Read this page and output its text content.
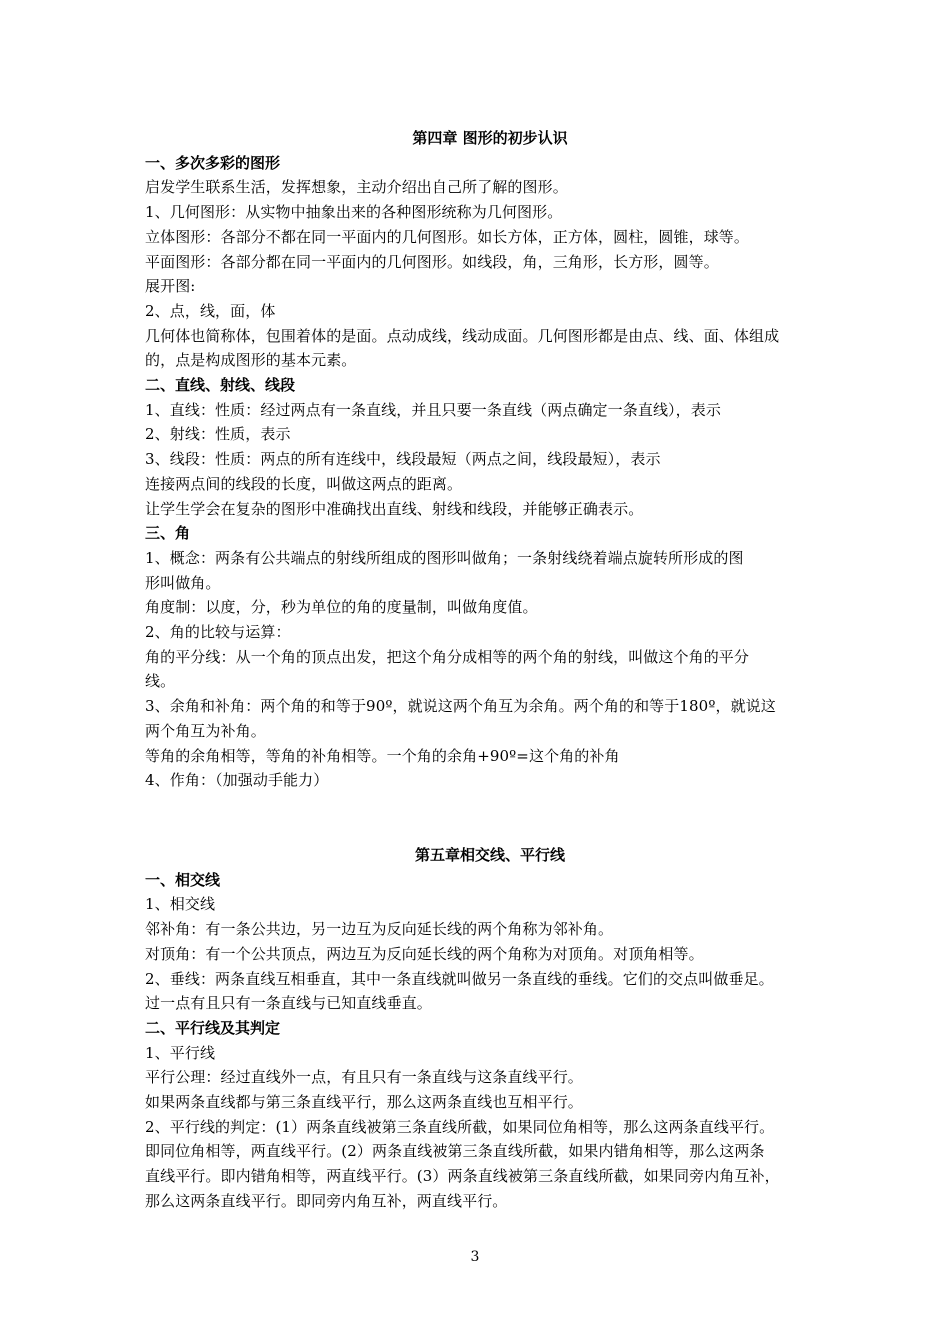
第四章 图形的初步认识
一、多次多彩的图形
启发学生联系生活，发挥想象，主动介绍出自己所了解的图形。
1、几何图形：从实物中抽象出来的各种图形统称为几何图形。
立体图形：各部分不都在同一平面内的几何图形。如长方体，正方体，圆柱，圆锥，球等。
平面图形：各部分都在同一平面内的几何图形。如线段，角，三角形，长方形，圆等。
展开图:
2、点，线，面，体
几何体也简称体，包围着体的是面。点动成线，线动成面。几何图形都是由点、线、面、体组成
的，点是构成图形的基本元素。
二、直线、射线、线段
1、直线：性质：经过两点有一条直线，并且只要一条直线（两点确定一条直线），表示
2、射线：性质，表示
3、线段：性质：两点的所有连线中，线段最短（两点之间，线段最短），表示
连接两点间的线段的长度，叫做这两点的距离。
让学生学会在复杂的图形中准确找出直线、射线和线段，并能够正确表示。
三、角
1、概念：两条有公共端点的射线所组成的图形叫做角；一条射线绕着端点旋转所形成的图
形叫做角。
角度制：以度，分，秒为单位的角的度量制，叫做角度值。
2、角的比较与运算：
角的平分线：从一个角的顶点出发，把这个角分成相等的两个角的射线，叫做这个角的平分
线。
3、余角和补角：两个角的和等于90º，就说这两个角互为余角。两个角的和等于180º，就说这
两个角互为补角。
等角的余角相等，等角的补角相等。一个角的余角+90º=这个角的补角
4、作角：（加强动手能力）
第五章相交线、平行线
一、相交线
1、相交线
邻补角：有一条公共边，另一边互为反向延长线的两个角称为邻补角。
对顶角：有一个公共顶点，两边互为反向延长线的两个角称为对顶角。对顶角相等。
2、垂线：两条直线互相垂直，其中一条直线就叫做另一条直线的垂线。它们的交点叫做垂足。
过一点有且只有一条直线与已知直线垂直。
二、平行线及其判定
1、平行线
平行公理：经过直线外一点，有且只有一条直线与这条直线平行。
如果两条直线都与第三条直线平行，那么这两条直线也互相平行。
2、平行线的判定：(1）两条直线被第三条直线所截，如果同位角相等，那么这两条直线平行。
即同位角相等，两直线平行。(2）两条直线被第三条直线所截，如果内错角相等，那么这两条
直线平行。即内错角相等，两直线平行。(3）两条直线被第三条直线所截，如果同旁内角互补，
那么这两条直线平行。即同旁内角互补，两直线平行。
3
